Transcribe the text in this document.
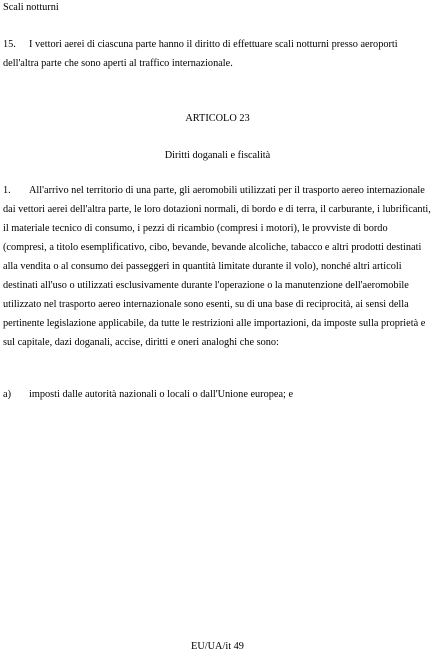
Scali notturni

15. I vettori aerei di ciascuna parte hanno il diritto di effettuare scali notturni presso aeroporti dell'altra parte che sono aperti al traffico internazionale.

ARTICOLO 23

Diritti doganali e fiscalità

1. All'arrivo nel territorio di una parte, gli aeromobili utilizzati per il trasporto aereo internazionale dai vettori aerei dell'altra parte, le loro dotazioni normali, di bordo e di terra, il carburante, i lubrificanti, il materiale tecnico di consumo, i pezzi di ricambio (compresi i motori), le provviste di bordo (compresi, a titolo esemplificativo, cibo, bevande, bevande alcoliche, tabacco e altri prodotti destinati alla vendita o al consumo dei passeggeri in quantità limitate durante il volo), nonché altri articoli destinati all'uso o utilizzati esclusivamente durante l'operazione o la manutenzione dell'aeromobile utilizzato nel trasporto aereo internazionale sono esenti, su di una base di reciprocità, ai sensi della pertinente legislazione applicabile, da tutte le restrizioni alle importazioni, da imposte sulla proprietà e sul capitale, dazi doganali, accise, diritti e oneri analoghi che sono:

a) imposti dalle autorità nazionali o locali o dall'Unione europea; e

EU/UA/it 49
